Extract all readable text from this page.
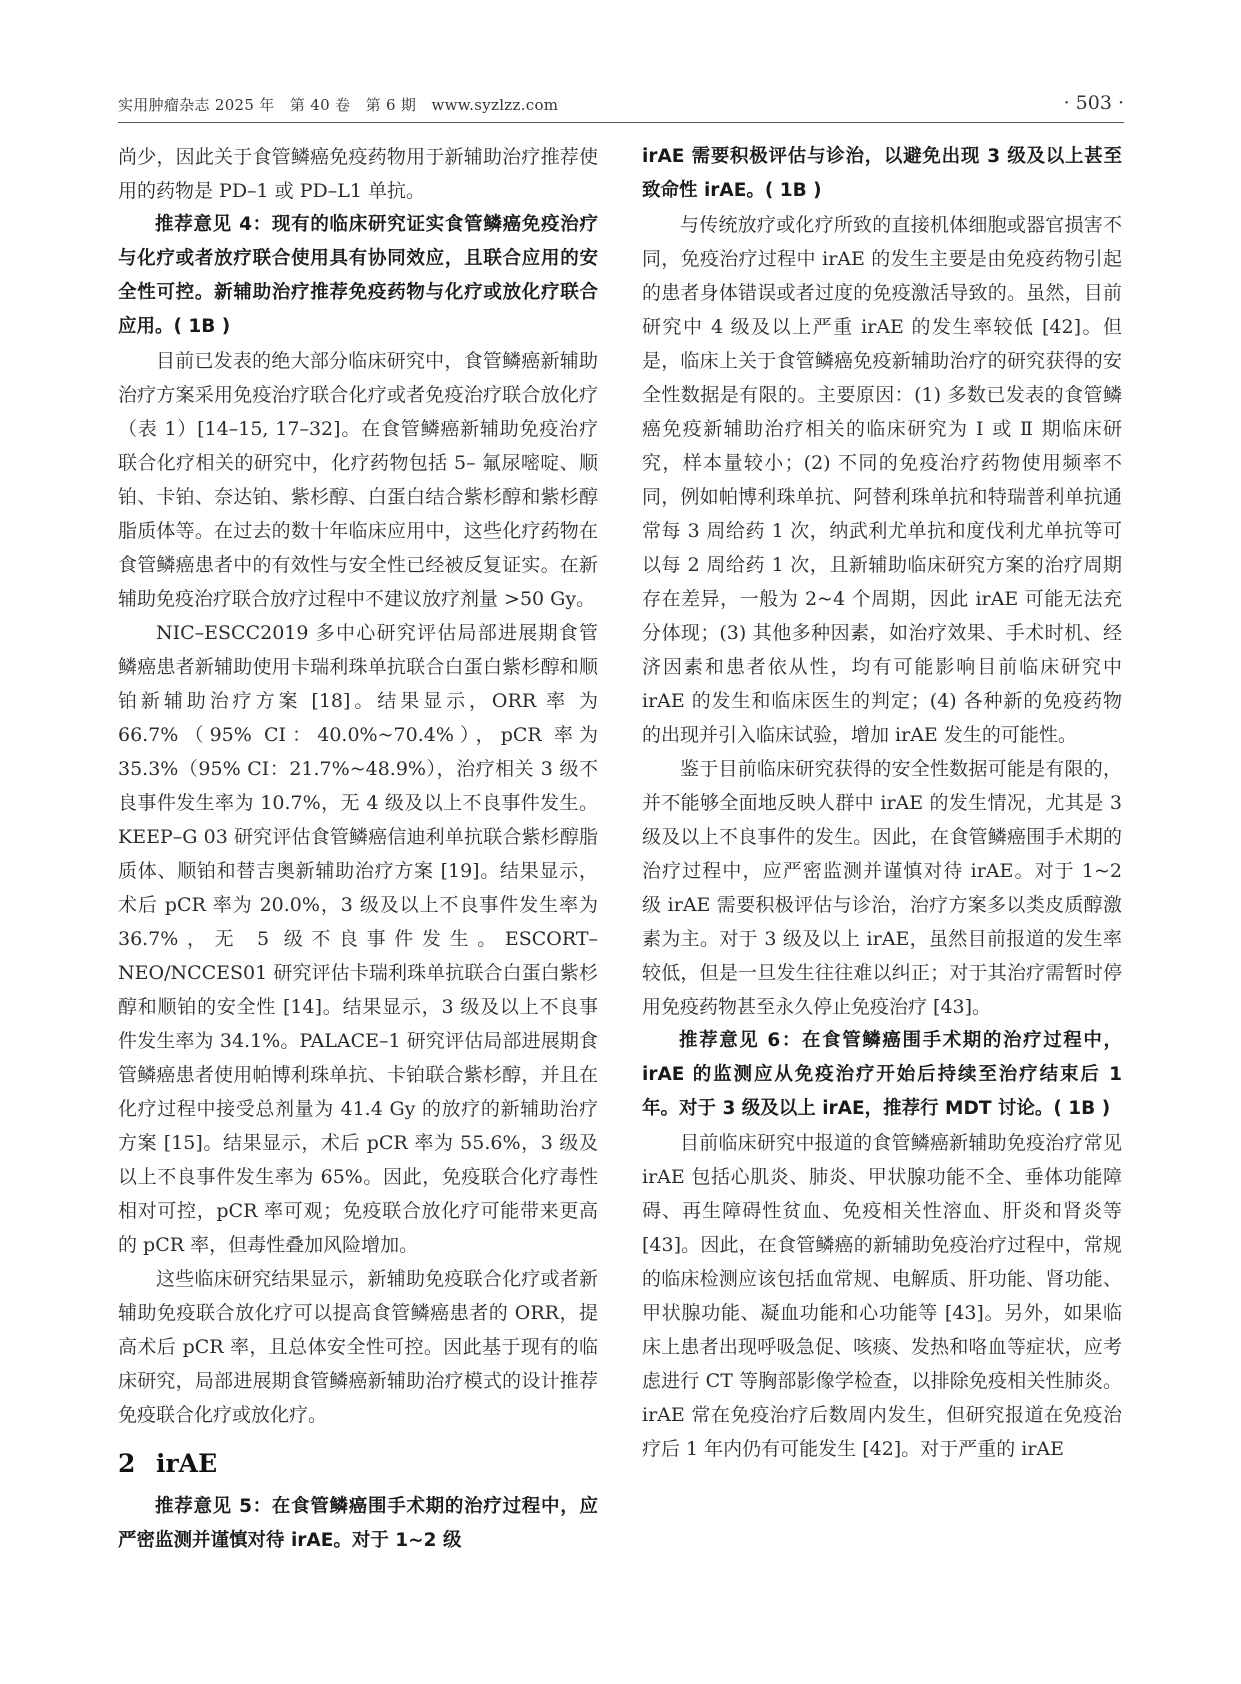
实用肿瘤杂志 2025 年　第 40 卷　第 6 期　www.syzlzz.com	· 503 ·

尚少，因此关于食管鳞癌免疫药物用于新辅助治疗推荐使用的药物是 PD–1 或 PD–L1 单抗。

推荐意见 4：现有的临床研究证实食管鳞癌免疫治疗与化疗或者放疗联合使用具有协同效应，且联合应用的安全性可控。新辅助治疗推荐免疫药物与化疗或放化疗联合应用。( 1B )

目前已发表的绝大部分临床研究中，食管鳞癌新辅助治疗方案采用免疫治疗联合化疗或者免疫治疗联合放化疗（表 1）[14–15, 17–32]。在食管鳞癌新辅助免疫治疗联合化疗相关的研究中，化疗药物包括 5– 氟尿嘧啶、顺铂、卡铂、奈达铂、紫杉醇、白蛋白结合紫杉醇和紫杉醇脂质体等。在过去的数十年临床应用中，这些化疗药物在食管鳞癌患者中的有效性与安全性已经被反复证实。在新辅助免疫治疗联合放疗过程中不建议放疗剂量 >50 Gy。

NIC–ESCC2019 多中心研究评估局部进展期食管鳞癌患者新辅助使用卡瑞利珠单抗联合白蛋白紫杉醇和顺铂新辅助治疗方案 [18]。结果显示，ORR 率 为 66.7%（95% CI：40.0%~70.4%），pCR 率为 35.3%（95% CI：21.7%~48.9%），治疗相关 3 级不良事件发生率为 10.7%，无 4 级及以上不良事件发生。KEEP–G 03 研究评估食管鳞癌信迪利单抗联合紫杉醇脂质体、顺铂和替吉奥新辅助治疗方案 [19]。结果显示，术后 pCR 率为 20.0%，3 级及以上不良事件发生率为 36.7%，无 5 级不良事件发生。ESCORT–NEO/NCCES01 研究评估卡瑞利珠单抗联合白蛋白紫杉醇和顺铂的安全性 [14]。结果显示，3 级及以上不良事件发生率为 34.1%。PALACE–1 研究评估局部进展期食管鳞癌患者使用帕博利珠单抗、卡铂联合紫杉醇，并且在化疗过程中接受总剂量为 41.4 Gy 的放疗的新辅助治疗方案 [15]。结果显示，术后 pCR 率为 55.6%，3 级及以上不良事件发生率为 65%。因此，免疫联合化疗毒性相对可控，pCR 率可观；免疫联合放化疗可能带来更高的 pCR 率，但毒性叠加风险增加。

这些临床研究结果显示，新辅助免疫联合化疗或者新辅助免疫联合放化疗可以提高食管鳞癌患者的 ORR，提高术后 pCR 率，且总体安全性可控。因此基于现有的临床研究，局部进展期食管鳞癌新辅助治疗模式的设计推荐免疫联合化疗或放化疗。

2 irAE

推荐意见 5：在食管鳞癌围手术期的治疗过程中，应严密监测并谨慎对待 irAE。对于 1~2 级

irAE 需要积极评估与诊治，以避免出现 3 级及以上甚至致命性 irAE。( 1B )

与传统放疗或化疗所致的直接机体细胞或器官损害不同，免疫治疗过程中 irAE 的发生主要是由免疫药物引起的患者身体错误或者过度的免疫激活导致的。虽然，目前研究中 4 级及以上严重 irAE 的发生率较低 [42]。但是，临床上关于食管鳞癌免疫新辅助治疗的研究获得的安全性数据是有限的。主要原因：(1) 多数已发表的食管鳞癌免疫新辅助治疗相关的临床研究为 Ⅰ 或 Ⅱ 期临床研究，样本量较小；(2) 不同的免疫治疗药物使用频率不同，例如帕博利珠单抗、阿替利珠单抗和特瑞普利单抗通常每 3 周给药 1 次，纳武利尤单抗和度伐利尤单抗等可以每 2 周给药 1 次，且新辅助临床研究方案的治疗周期存在差异，一般为 2~4 个周期，因此 irAE 可能无法充分体现；(3) 其他多种因素，如治疗效果、手术时机、经济因素和患者依从性，均有可能影响目前临床研究中 irAE 的发生和临床医生的判定；(4) 各种新的免疫药物的出现并引入临床试验，增加 irAE 发生的可能性。

鉴于目前临床研究获得的安全性数据可能是有限的，并不能够全面地反映人群中 irAE 的发生情况，尤其是 3 级及以上不良事件的发生。因此，在食管鳞癌围手术期的治疗过程中，应严密监测并谨慎对待 irAE。对于 1~2 级 irAE 需要积极评估与诊治，治疗方案多以类皮质醇激素为主。对于 3 级及以上 irAE，虽然目前报道的发生率较低，但是一旦发生往往难以纠正；对于其治疗需暂时停用免疫药物甚至永久停止免疫治疗 [43]。

推荐意见 6：在食管鳞癌围手术期的治疗过程中，irAE 的监测应从免疫治疗开始后持续至治疗结束后 1 年。对于 3 级及以上 irAE，推荐行 MDT 讨论。( 1B )

目前临床研究中报道的食管鳞癌新辅助免疫治疗常见 irAE 包括心肌炎、肺炎、甲状腺功能不全、垂体功能障碍、再生障碍性贫血、免疫相关性溶血、肝炎和肾炎等 [43]。因此，在食管鳞癌的新辅助免疫治疗过程中，常规的临床检测应该包括血常规、电解质、肝功能、肾功能、甲状腺功能、凝血功能和心功能等 [43]。另外，如果临床上患者出现呼吸急促、咳痰、发热和咯血等症状，应考虑进行 CT 等胸部影像学检查，以排除免疫相关性肺炎。irAE 常在免疫治疗后数周内发生，但研究报道在免疫治疗后 1 年内仍有可能发生 [42]。对于严重的 irAE
